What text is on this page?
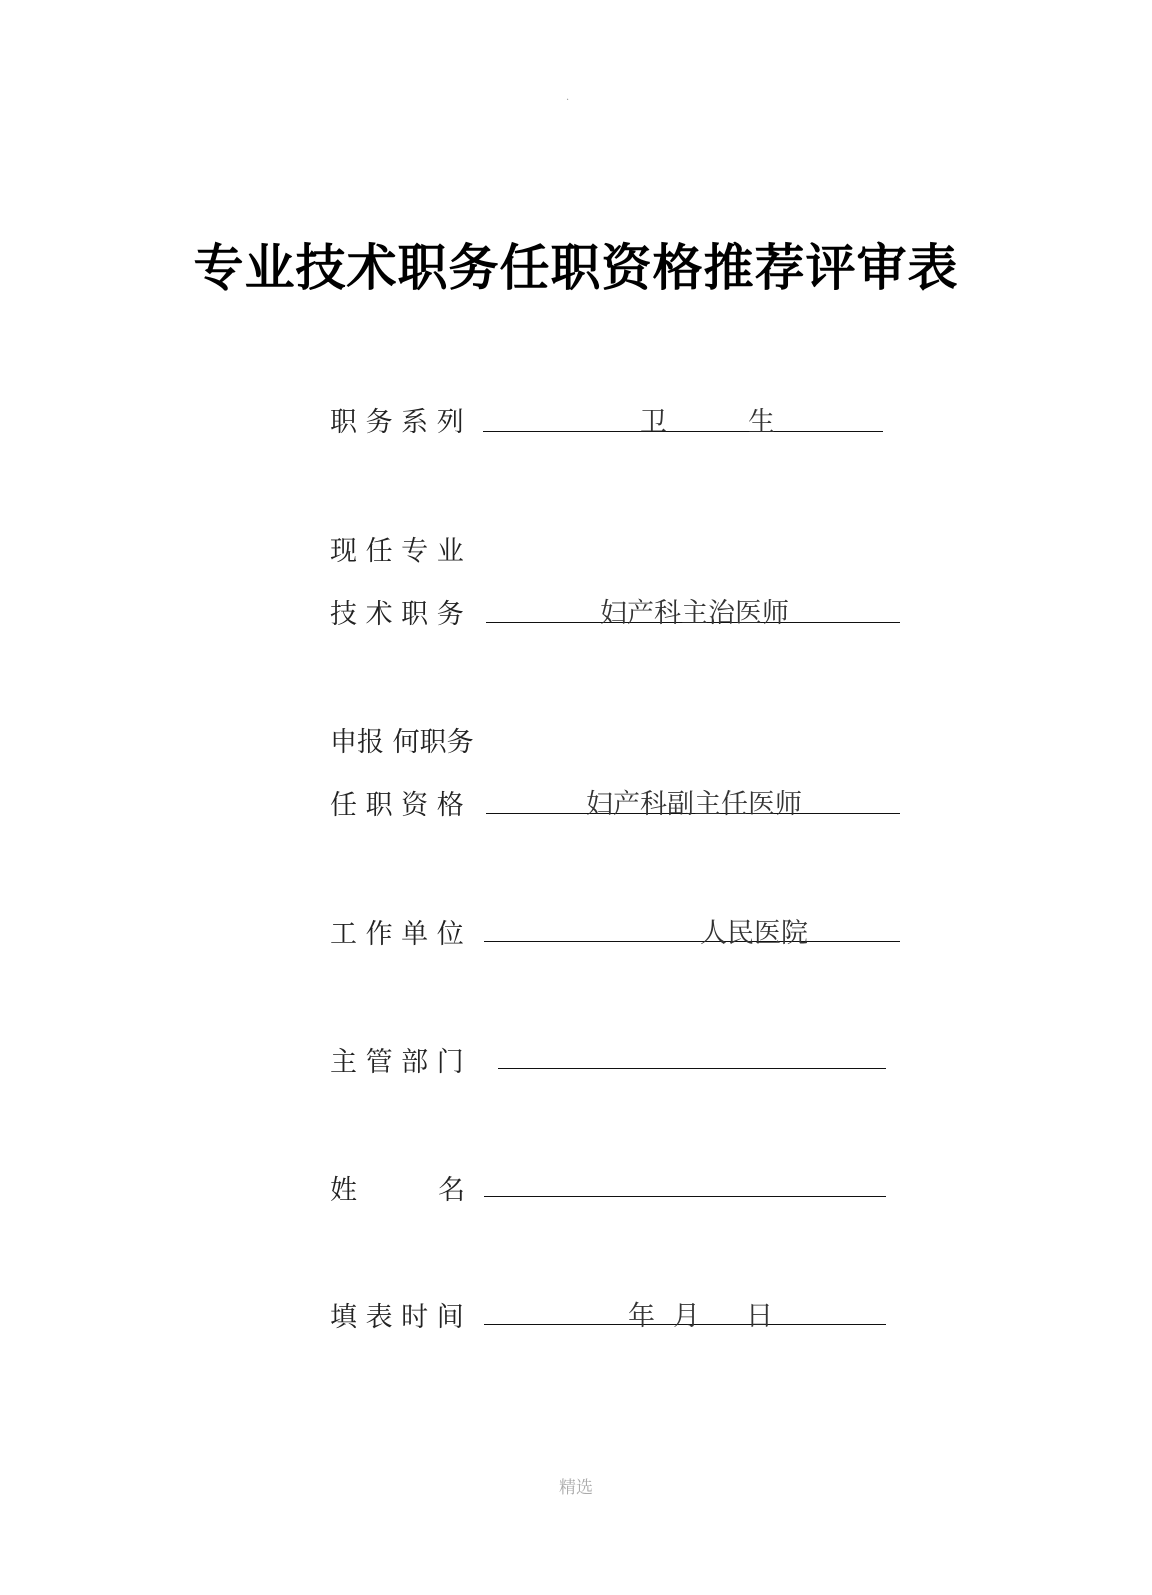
.
专业技术职务任职资格推荐评审表
职 务 系 列	卫　　　生
现 任 专 业
技 术 职 务	妇产科主治医师
申报 何职务
任 职 资 格	妇产科副主任医师
工 作 单 位	人民医院
主 管 部 门
姓　　　名
填 表 时 间	年 月 日
精选
